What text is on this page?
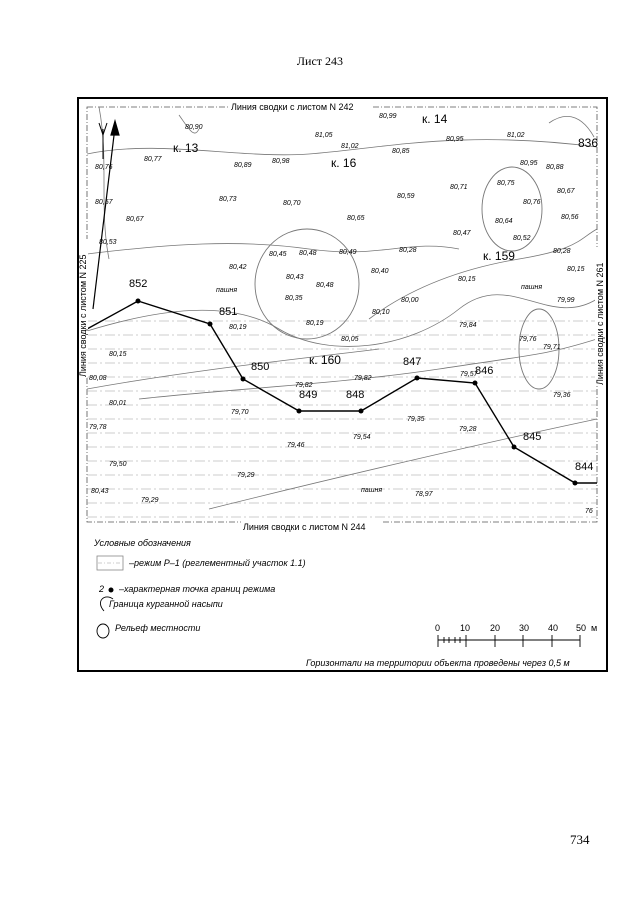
Лист 243
852
851
850
849	848
847
846
845
844
Линия сводки с листом N 242
Линия сводки с листом N 244
Линия сводки с листом N 225	Линия сводки с листом N 261
к. 14
к. 13
к. 16
к. 159
к. 160
836
80,99
80,90
81,05
81,02
80,95
81,02
80,76
80,77
80,89
80,98
80,85
80,95
80,88
80,75
80,71
80,67
80,57	80,73
80,70
80,59
80,76
80,67	80,65	80,64
80,56
80,47
80,53
80,52
80,45 80,48	80,49	80,28	80,28
80,42
80,40
80,15
80,15
80,43
80,48
80,35	80,00	79,99
80,10
80,19
80,19	79,84
79,76
80,05
79,71
80,15
79,82
79,82
79,57
80,08
80,01
79,36
79,70
79,35
79,78
79,54
79,28
79,46
79,50
79,29
80,43	78,97
79,29
76
пашня	пашня
пашня
Условные обозначения
–режим Р–1 (реглементный участок 1.1)
2 –характерная точка границ режима
Граница курганной насыпи
Рельеф местности	0 10 20 30 40 50 м
Горизонтали на территории объекта проведены через 0,5 м
734
